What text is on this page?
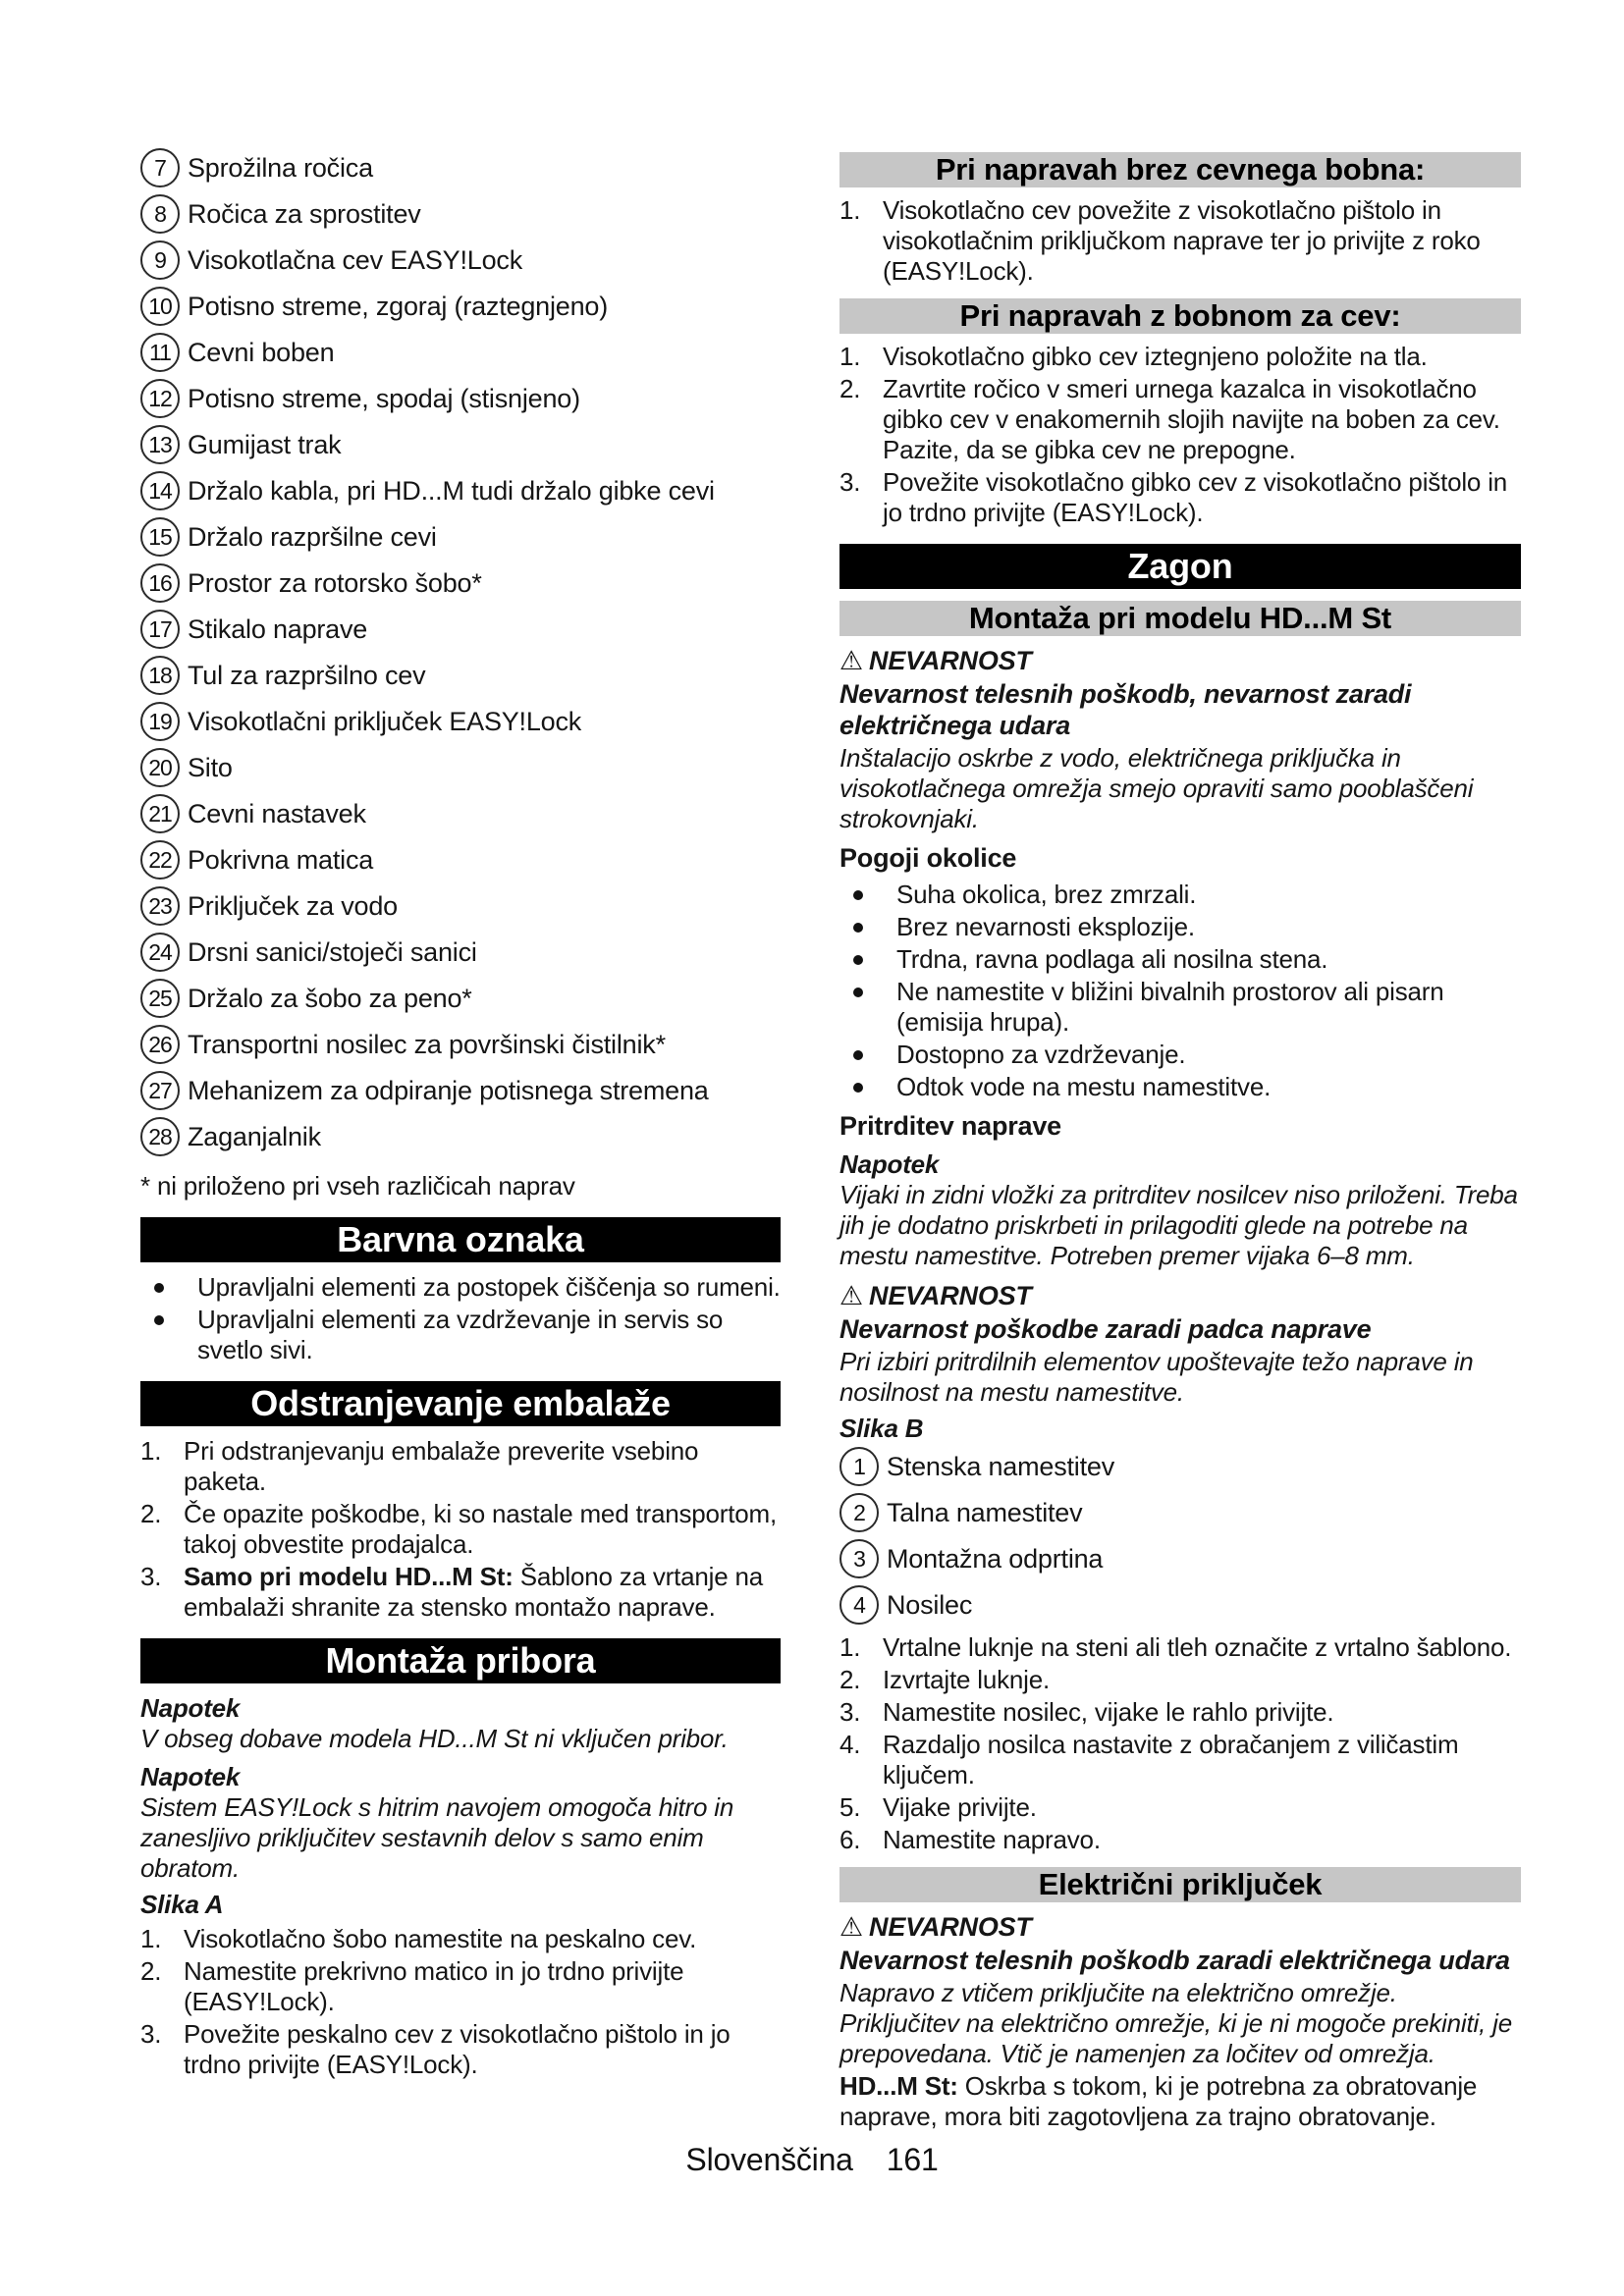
7 Sprožilna ročica
8 Ročica za sprostitev
9 Visokotlačna cev EASY!Lock
10 Potisno streme, zgoraj (raztegnjeno)
11 Cevni boben
12 Potisno streme, spodaj (stisnjeno)
13 Gumijast trak
14 Držalo kabla, pri HD...M tudi držalo gibke cevi
15 Držalo razpršilne cevi
16 Prostor za rotorsko šobo*
17 Stikalo naprave
18 Tul za razpršilno cev
19 Visokotlačni priključek EASY!Lock
20 Sito
21 Cevni nastavek
22 Pokrivna matica
23 Priključek za vodo
24 Drsni sanici/stoječi sanici
25 Držalo za šobo za peno*
26 Transportni nosilec za površinski čistilnik*
27 Mehanizem za odpiranje potisnega stremena
28 Zaganjalnik
* ni priloženo pri vseh različicah naprav
Barvna oznaka
Upravljalni elementi za postopek čiščenja so rumeni.
Upravljalni elementi za vzdrževanje in servis so svetlo sivi.
Odstranjevanje embalaže
1. Pri odstranjevanju embalaže preverite vsebino paketa.
2. Če opazite poškodbe, ki so nastale med transportom, takoj obvestite prodajalca.
3. Samo pri modelu HD...M St: Šablono za vrtanje na embalaži shranite za stensko montažo naprave.
Montaža pribora
Napotek
V obseg dobave modela HD...M St ni vključen pribor.
Napotek
Sistem EASY!Lock s hitrim navojem omogoča hitro in zanesljivo priključitev sestavnih delov s samo enim obratom.
Slika A
1. Visokotlačno šobo namestite na peskalno cev.
2. Namestite prekrivno matico in jo trdno privijte (EASY!Lock).
3. Povežite peskalno cev z visokotlačno pištolo in jo trdno privijte (EASY!Lock).
Pri napravah brez cevnega bobna:
1. Visokotlačno cev povežite z visokotlačno pištolo in visokotlačnim priključkom naprave ter jo privijte z roko (EASY!Lock).
Pri napravah z bobnom za cev:
1. Visokotlačno gibko cev iztegnjeno položite na tla.
2. Zavrtite ročico v smeri urnega kazalca in visokotlačno gibko cev v enakomernih slojih navijte na boben za cev. Pazite, da se gibka cev ne prepogne.
3. Povežite visokotlačno gibko cev z visokotlačno pištolo in jo trdno privijte (EASY!Lock).
Zagon
Montaža pri modelu HD...M St
⚠ NEVARNOST
Nevarnost telesnih poškodb, nevarnost zaradi električnega udara
Inštalacijo oskrbe z vodo, električnega priključka in visokotlačnega omrežja smejo opraviti samo pooblaščeni strokovnjaki.
Pogoji okolice
Suha okolica, brez zmrzali.
Brez nevarnosti eksplozije.
Trdna, ravna podlaga ali nosilna stena.
Ne namestite v bližini bivalnih prostorov ali pisarn (emisija hrupa).
Dostopno za vzdrževanje.
Odtok vode na mestu namestitve.
Pritrditev naprave
Napotek
Vijaki in zidni vložki za pritrditev nosilcev niso priloženi. Treba jih je dodatno priskrbeti in prilagoditi glede na potrebe na mestu namestitve. Potreben premer vijaka 6–8 mm.
⚠ NEVARNOST
Nevarnost poškodbe zaradi padca naprave
Pri izbiri pritrdilnih elementov upoštevajte težo naprave in nosilnost na mestu namestitve.
Slika B
1 Stenska namestitev
2 Talna namestitev
3 Montažna odprtina
4 Nosilec
1. Vrtalne luknje na steni ali tleh označite z vrtalno šablono.
2. Izvrtajte luknje.
3. Namestite nosilec, vijake le rahlo privijte.
4. Razdaljo nosilca nastavite z obračanjem z viličastim ključem.
5. Vijake privijte.
6. Namestite napravo.
Električni priključek
⚠ NEVARNOST
Nevarnost telesnih poškodb zaradi električnega udara
Napravo z vtičem priključite na električno omrežje. Priključitev na električno omrežje, ki je ni mogoče prekiniti, je prepovedana. Vtič je namenjen za ločitev od omrežja.
HD...M St: Oskrba s tokom, ki je potrebna za obratovanje naprave, mora biti zagotovljena za trajno obratovanje.
Slovenščina 161
